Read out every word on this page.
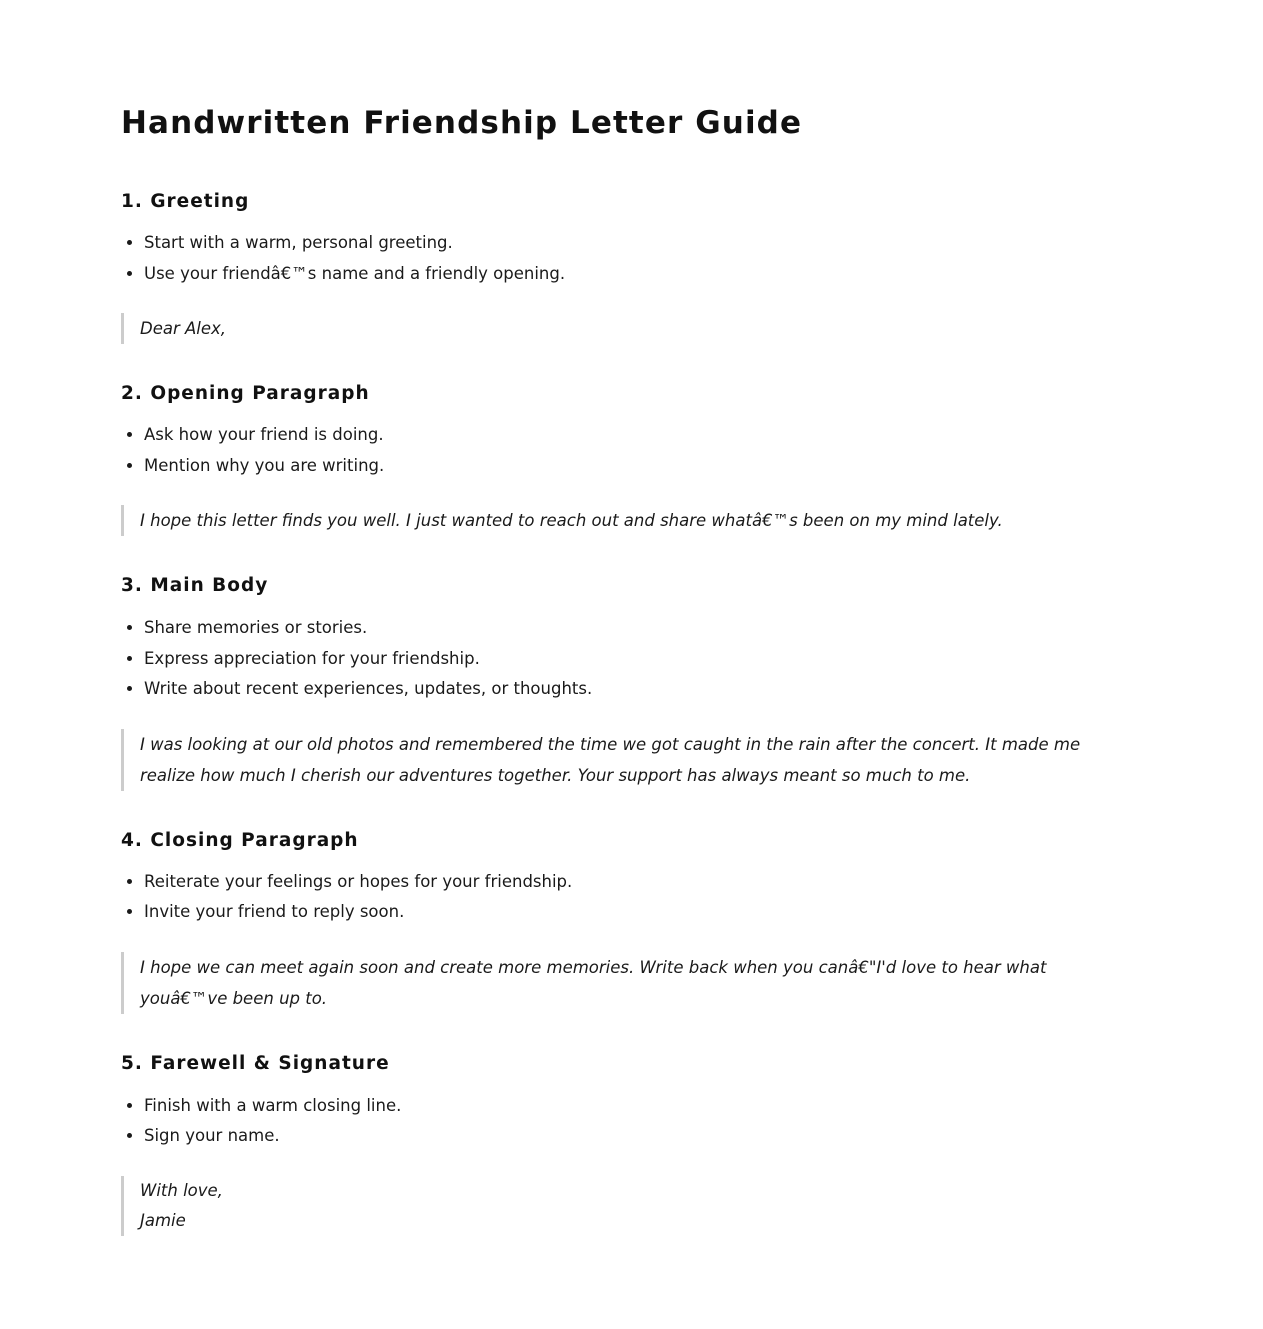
Handwritten Friendship Letter Guide
1. Greeting
• Start with a warm, personal greeting.
• Use your friendâ€™s name and a friendly opening.
Dear Alex,
2. Opening Paragraph
• Ask how your friend is doing.
• Mention why you are writing.
I hope this letter finds you well. I just wanted to reach out and share whatâ€™s been on my mind lately.
3. Main Body
• Share memories or stories.
• Express appreciation for your friendship.
• Write about recent experiences, updates, or thoughts.
I was looking at our old photos and remembered the time we got caught in the rain after the concert. It made me realize how much I cherish our adventures together. Your support has always meant so much to me.
4. Closing Paragraph
• Reiterate your feelings or hopes for your friendship.
• Invite your friend to reply soon.
I hope we can meet again soon and create more memories. Write back when you canâ€"I'd love to hear what youâ€™ve been up to.
5. Farewell & Signature
• Finish with a warm closing line.
• Sign your name.
With love,
Jamie
